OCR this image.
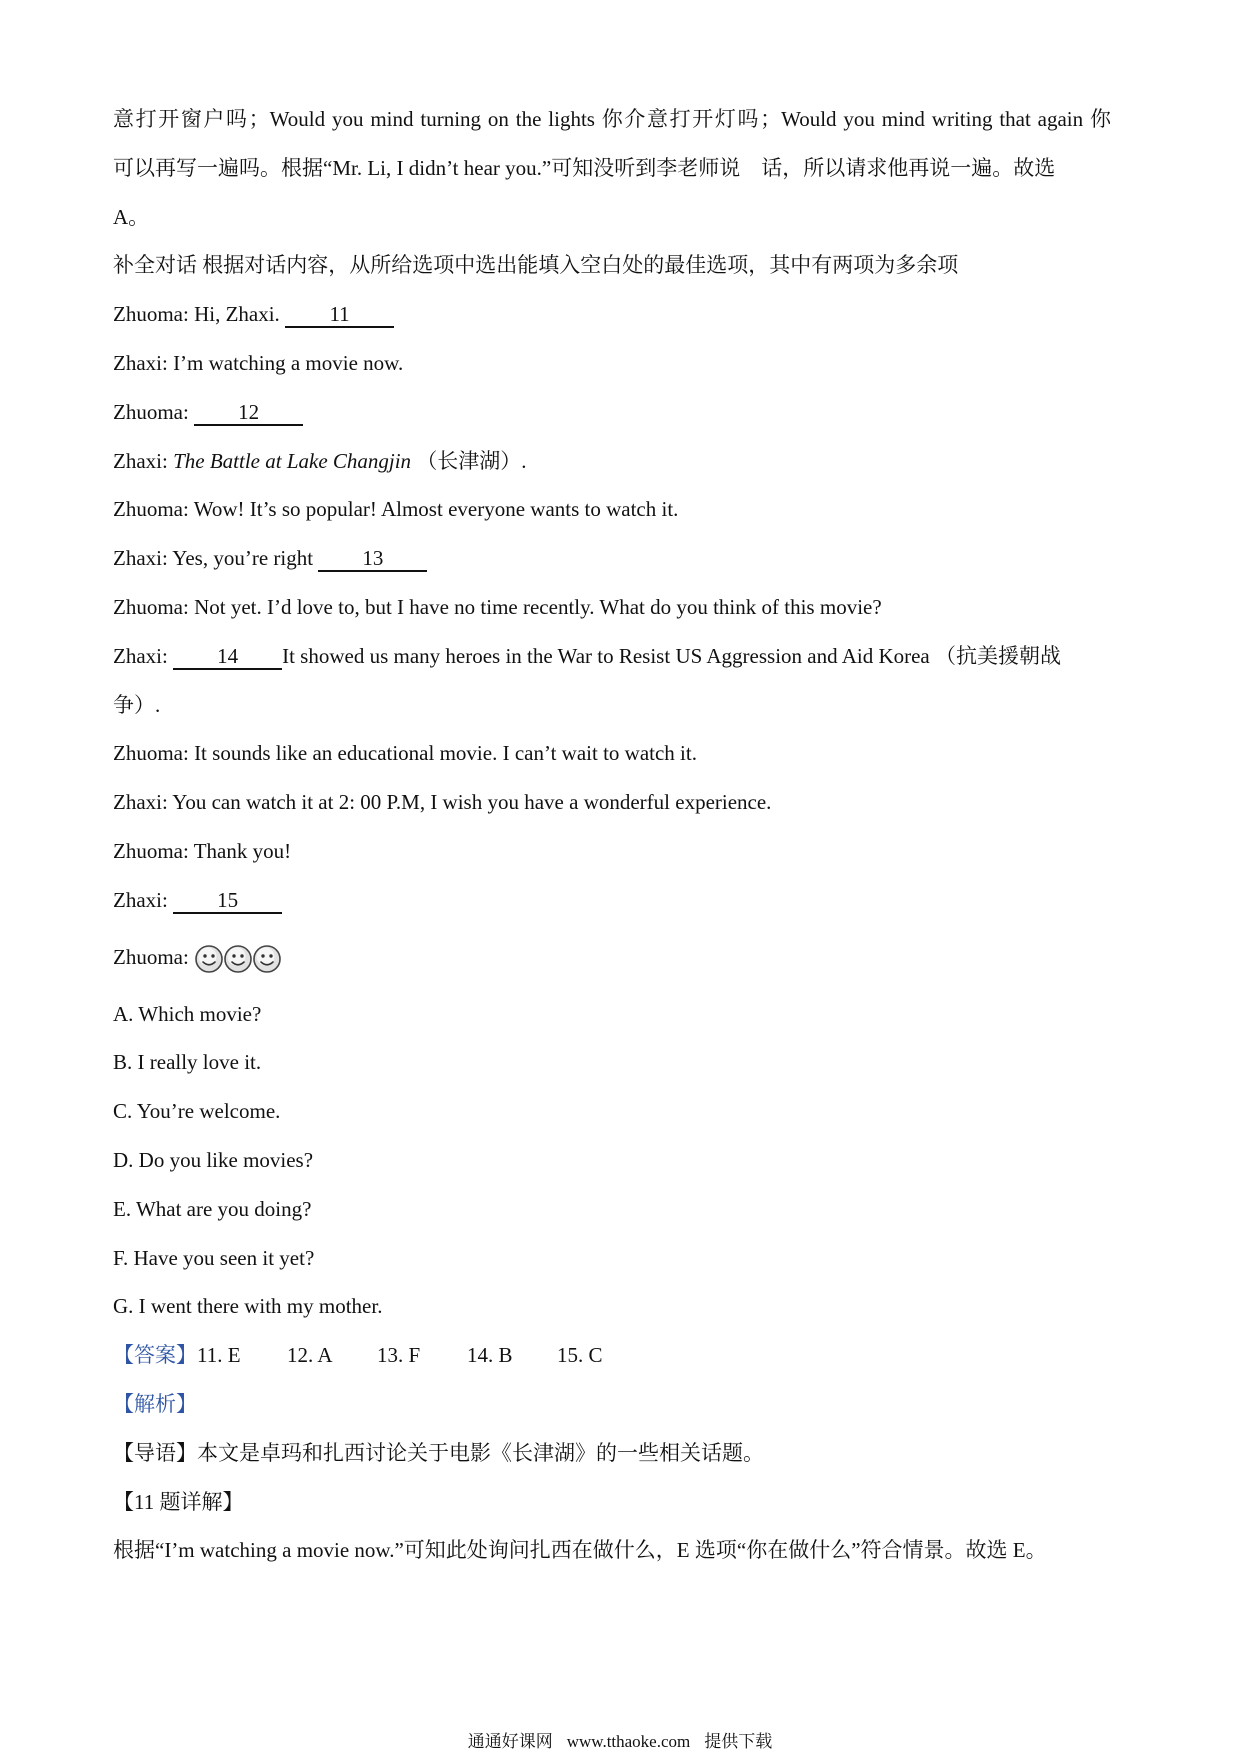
意打开窗户吗；Would you mind turning on the lights 你介意打开灯吗；Would you mind writing that again 你
可以再写一遍吗。根据“Mr. Li, I didn’t hear you.”可知没听到李老师说　话，所以请求他再说一遍。故选
A。
补全对话 根据对话内容，从所给选项中选出能填入空白处的最佳选项，其中有两项为多余项
Zhuoma: Hi, Zhaxi. 11
Zhaxi: I’m watching a movie now.
Zhuoma: 12
Zhaxi: The Battle at Lake Changjin （长津湖）.
Zhuoma: Wow! It’s so popular! Almost everyone wants to watch it.
Zhaxi: Yes, you’re right 13
Zhuoma: Not yet. I’d love to, but I have no time recently. What do you think of this movie?
Zhaxi: 14 It showed us many heroes in the War to Resist US Aggression and Aid Korea （抗美援朝战
争）.
Zhuoma: It sounds like an educational movie. I can’t wait to watch it.
Zhaxi: You can watch it at 2: 00 P.M, I wish you have a wonderful experience.
Zhuoma: Thank you!
Zhaxi: 15
Zhuoma:
A. Which movie?
B. I really love it.
C. You’re welcome.
D. Do you like movies?
E. What are you doing?
F. Have you seen it yet?
G. I went there with my mother.
【答案】11. E 12. A 13. F 14. B 15. C
【解析】
【导语】本文是卓玛和扎西讨论关于电影《长津湖》的一些相关话题。
【11 题详解】
根据“I’m watching a movie now.”可知此处询问扎西在做什么，E 选项“你在做什么”符合情景。故选 E。
通通好课网 www.tthaoke.com 提供下载
